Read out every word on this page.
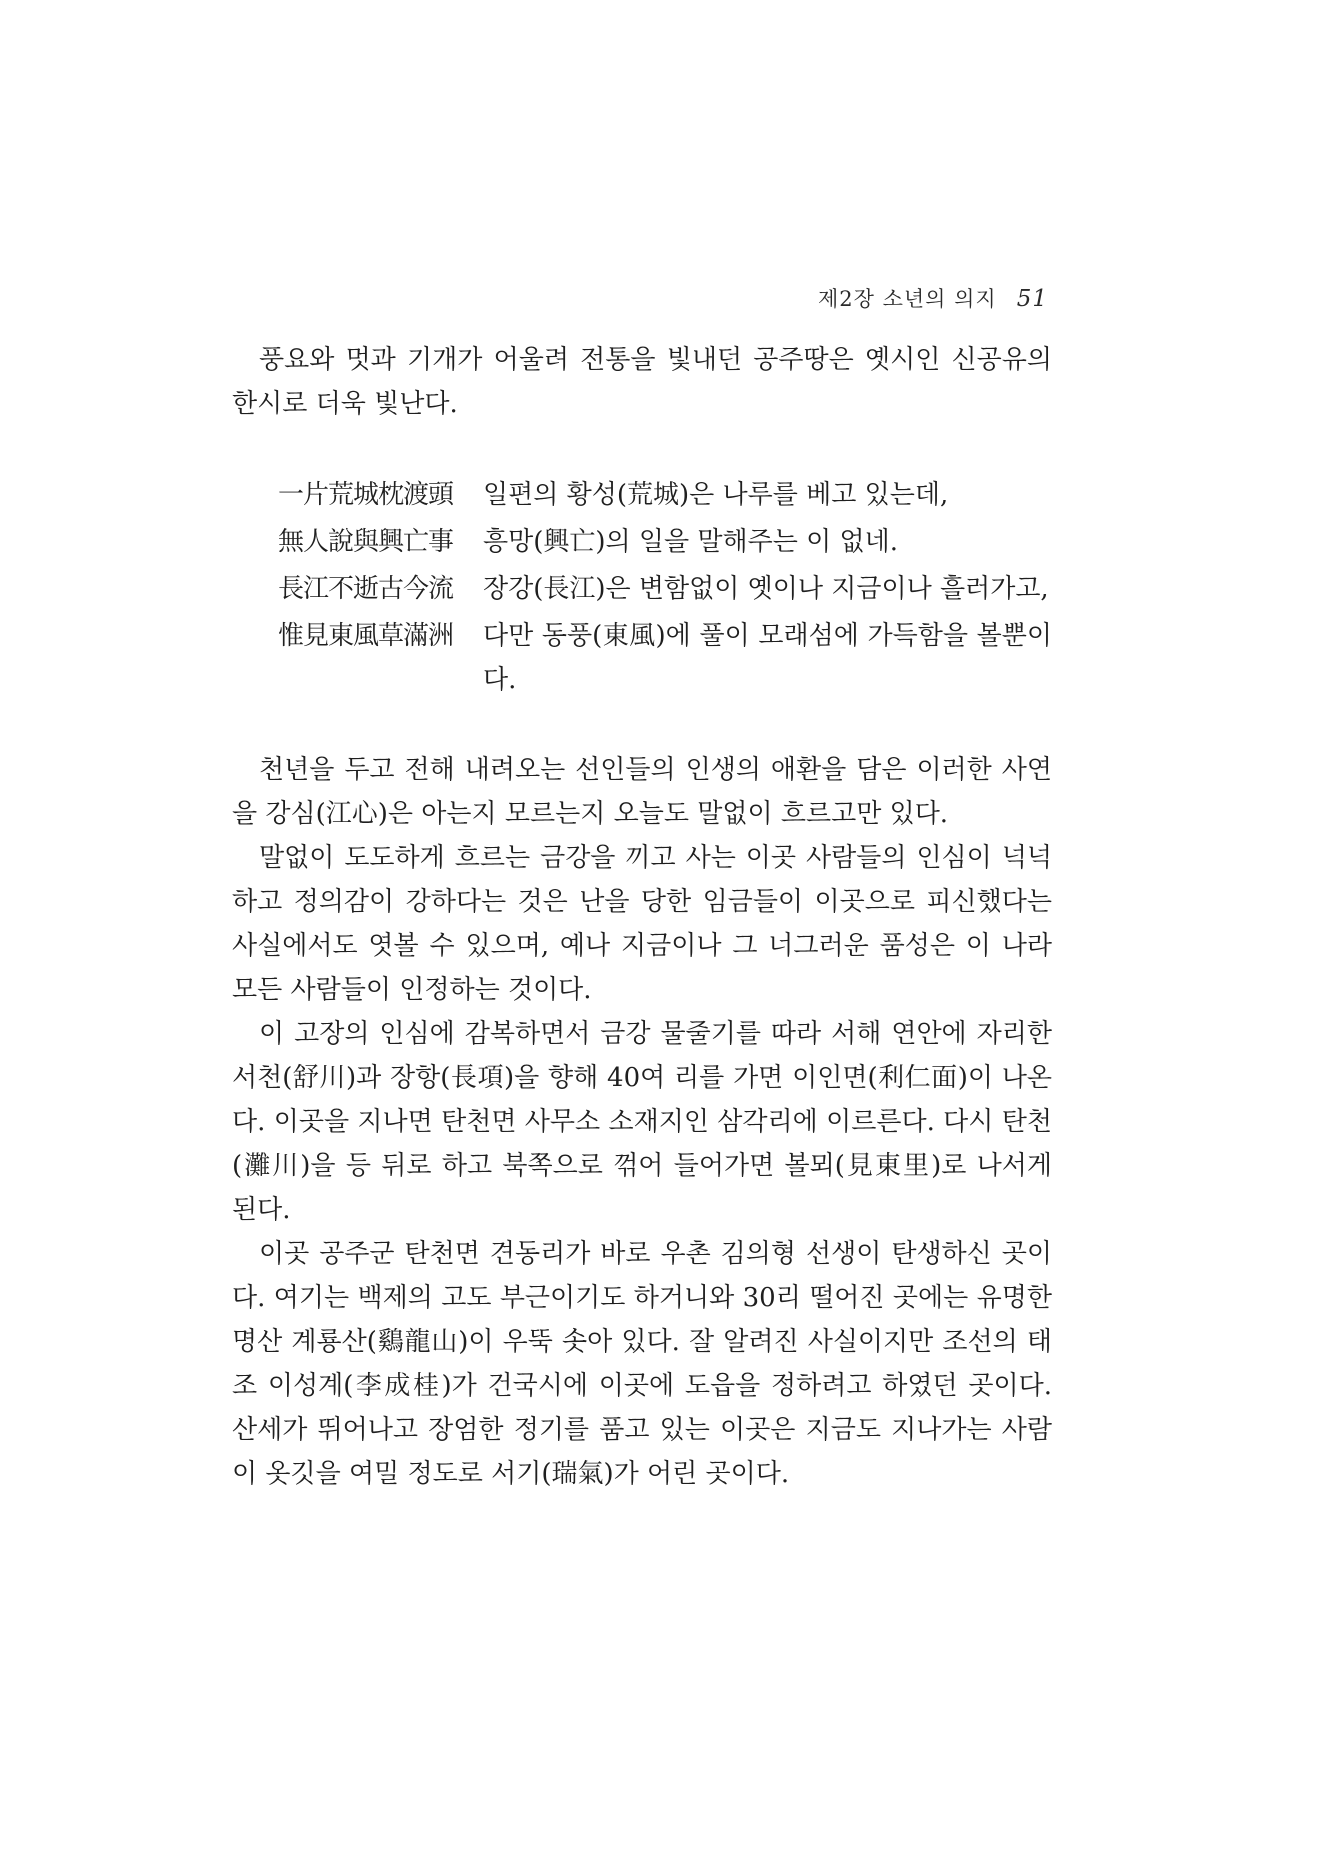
제2장 소년의 의지 51

풍요와 멋과 기개가 어울려 전통을 빛내던 공주땅은 옛시인 신공유의 한시로 더욱 빛난다.

一片荒城枕渡頭	일편의 황성(荒城)은 나루를 베고 있는데,
無人說與興亡事	흥망(興亡)의 일을 말해주는 이 없네.
長江不逝古今流	장강(長江)은 변함없이 옛이나 지금이나 흘러가고,
惟見東風草滿洲	다만 동풍(東風)에 풀이 모래섬에 가득함을 볼뿐이다.

천년을 두고 전해 내려오는 선인들의 인생의 애환을 담은 이러한 사연을 강심(江心)은 아는지 모르는지 오늘도 말없이 흐르고만 있다.

말없이 도도하게 흐르는 금강을 끼고 사는 이곳 사람들의 인심이 넉넉하고 정의감이 강하다는 것은 난을 당한 임금들이 이곳으로 피신했다는 사실에서도 엿볼 수 있으며, 예나 지금이나 그 너그러운 품성은 이 나라 모든 사람들이 인정하는 것이다.

이 고장의 인심에 감복하면서 금강 물줄기를 따라 서해 연안에 자리한 서천(舒川)과 장항(長項)을 향해 40여 리를 가면 이인면(利仁面)이 나온다. 이곳을 지나면 탄천면 사무소 소재지인 삼각리에 이르른다. 다시 탄천(灘川)을 등 뒤로 하고 북쪽으로 꺾어 들어가면 볼뫼(見東里)로 나서게 된다.

이곳 공주군 탄천면 견동리가 바로 우촌 김의형 선생이 탄생하신 곳이다. 여기는 백제의 고도 부근이기도 하거니와 30리 떨어진 곳에는 유명한 명산 계룡산(鷄龍山)이 우뚝 솟아 있다. 잘 알려진 사실이지만 조선의 태조 이성계(李成桂)가 건국시에 이곳에 도읍을 정하려고 하였던 곳이다. 산세가 뛰어나고 장엄한 정기를 품고 있는 이곳은 지금도 지나가는 사람이 옷깃을 여밀 정도로 서기(瑞氣)가 어린 곳이다.
